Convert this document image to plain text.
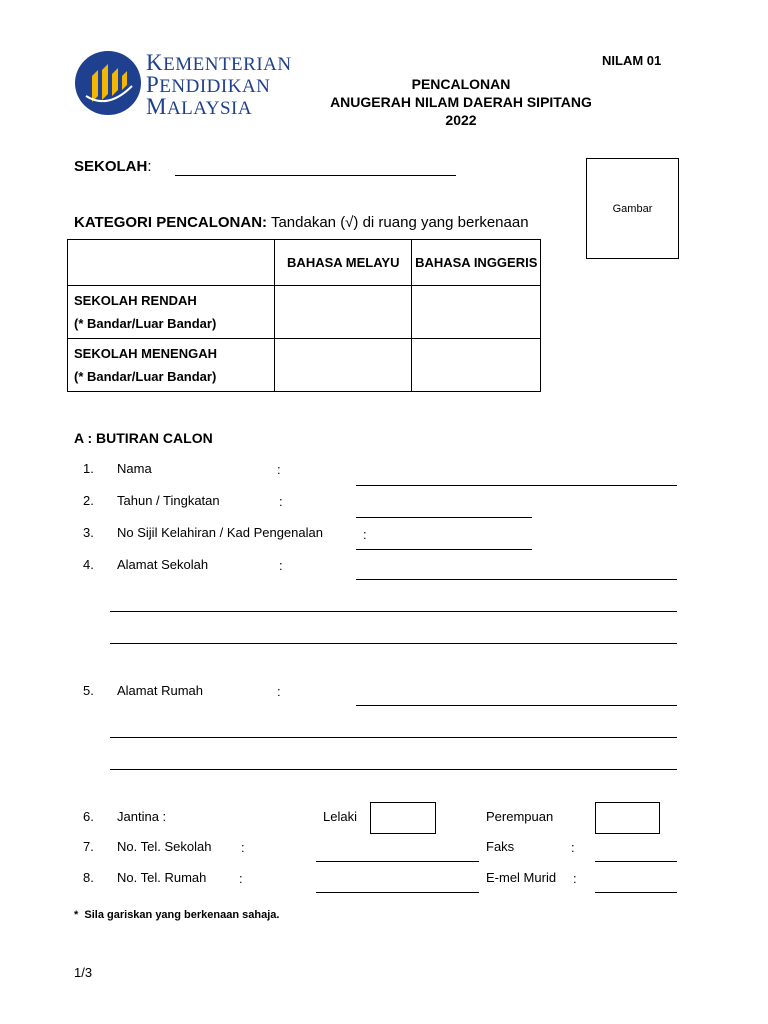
KEMENTERIAN
PENDIDIKAN
MALAYSIA
NILAM 01
PENCALONAN
ANUGERAH NILAM DAERAH SIPITANG
2022
Gambar
SEKOLAH:
KATEGORI PENCALONAN: Tandakan (√) di ruang yang berkenaan
	BAHASA MELAYU	BAHASA INGGERIS

SEKOLAH RENDAH
(* Bandar/Luar Bandar)		

SEKOLAH MENENGAH
(* Bandar/Luar Bandar)		

A : BUTIRAN CALON
1. Nama	:
2. Tahun / Tingkatan	:
3. No Sijil Kelahiran / Kad Pengenalan	:
4. Alamat Sekolah	:
5. Alamat Rumah	:
6. Jantina :	Lelaki	Perempuan
7. No. Tel. Sekolah :	Faks	:
8. No. Tel. Rumah	:	E-mel Murid :
*  Sila gariskan yang berkenaan sahaja.
1/3
